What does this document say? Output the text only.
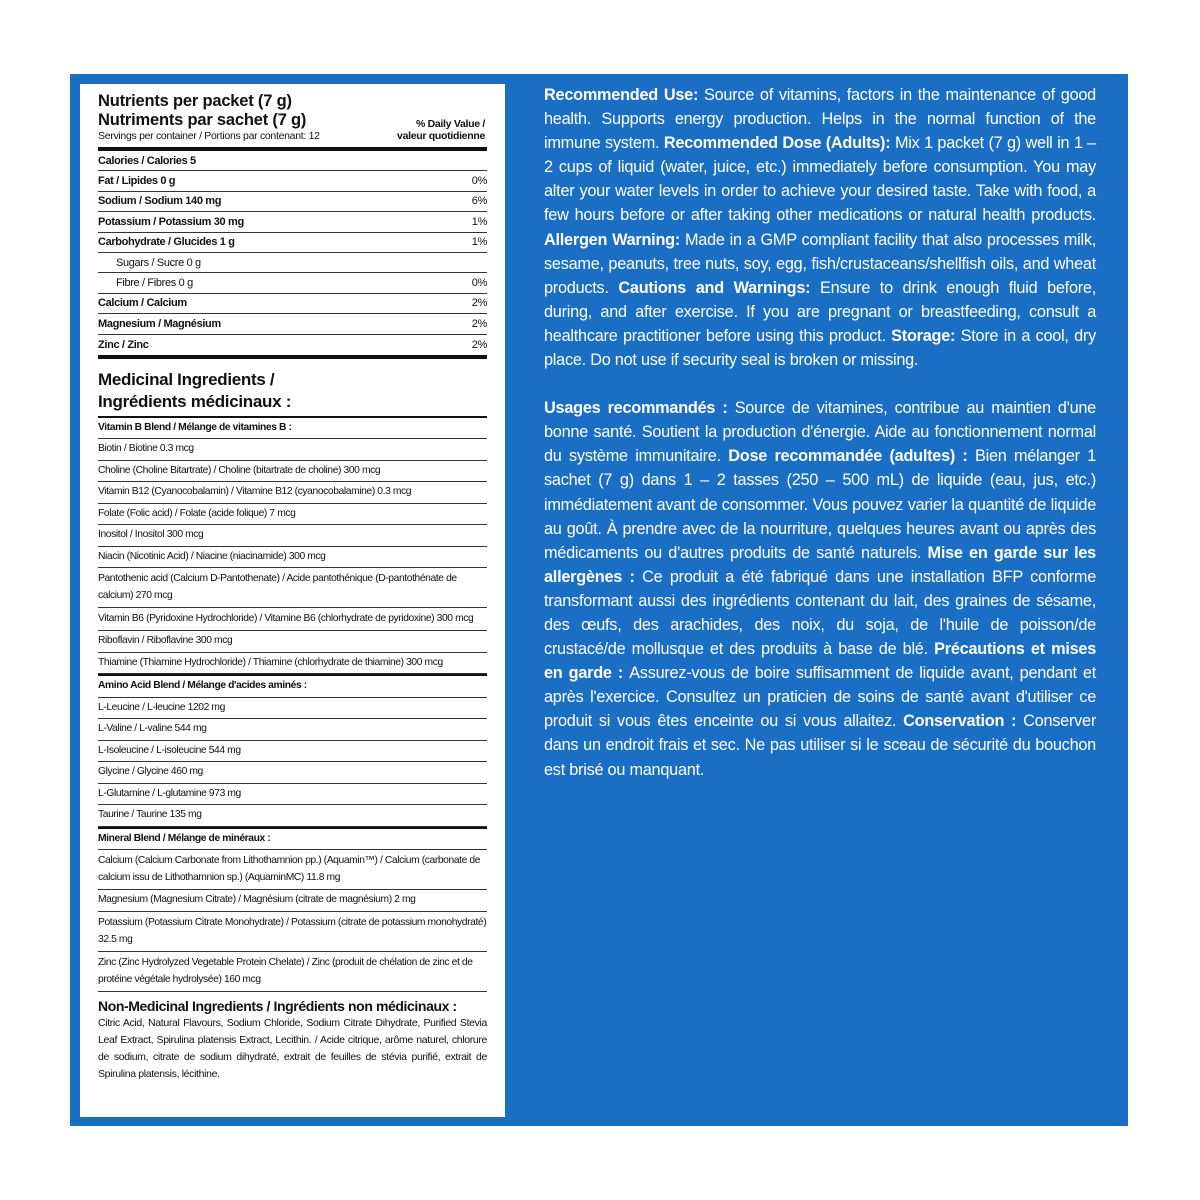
Nutrients per packet (7 g)
Nutriments par sachet (7 g)
Servings per container / Portions par contenant: 12
% Daily Value /
valeur quotidienne
Calories / Calories 5
Fat / Lipides 0 g	0%
Sodium / Sodium 140 mg	6%
Potassium / Potassium 30 mg	1%
Carbohydrate / Glucides 1 g	1%
Sugars / Sucre 0 g
Fibre / Fibres 0 g	0%
Calcium / Calcium	2%
Magnesium / Magnésium	2%
Zinc / Zinc	2%
Medicinal Ingredients /
Ingrédients médicinaux :
Vitamin B Blend / Mélange de vitamines B :
Biotin / Biotine 0.3 mcg
Choline (Choline Bitartrate) / Choline (bitartrate de choline) 300 mcg
Vitamin B12 (Cyanocobalamin) / Vitamine B12 (cyanocobalamine) 0.3 mcg
Folate (Folic acid) / Folate (acide folique) 7 mcg
Inositol / Inositol 300 mcg
Niacin (Nicotinic Acid) / Niacine (niacinamide) 300 mcg
Pantothenic acid (Calcium D-Pantothenate) / Acide pantothénique (D-pantothénate de calcium) 270 mcg
Vitamin B6 (Pyridoxine Hydrochloride) / Vitamine B6 (chlorhydrate de pyridoxine) 300 mcg
Riboflavin / Riboflavine 300 mcg
Thiamine (Thiamine Hydrochloride) / Thiamine (chlorhydrate de thiamine) 300 mcg
Amino Acid Blend / Mélange d'acides aminés :
L-Leucine / L-leucine 1202 mg
L-Valine / L-valine 544 mg
L-Isoleucine / L-isoleucine 544 mg
Glycine / Glycine 460 mg
L-Glutamine / L-glutamine 973 mg
Taurine / Taurine 135 mg
Mineral Blend / Mélange de minéraux :
Calcium (Calcium Carbonate from Lithothamnion pp.) (Aquamin™) / Calcium (carbonate de calcium issu de Lithothamnion sp.) (AquaminMC) 11.8 mg
Magnesium (Magnesium Citrate) / Magnésium (citrate de magnésium) 2 mg
Potassium (Potassium Citrate Monohydrate) / Potassium (citrate de potassium monohydraté) 32.5 mg
Zinc (Zinc Hydrolyzed Vegetable Protein Chelate) / Zinc (produit de chélation de zinc et de protéine végétale hydrolysée) 160 mcg
Non-Medicinal Ingredients / Ingrédients non médicinaux :
Citric Acid, Natural Flavours, Sodium Chloride, Sodium Citrate Dihydrate, Purified Stevia Leaf Extract, Spirulina platensis Extract, Lecithin. / Acide citrique, arôme naturel, chlorure de sodium, citrate de sodium dihydraté, extrait de feuilles de stévia purifié, extrait de Spirulina platensis, lécithine.

Recommended Use: Source of vitamins, factors in the maintenance of good health. Supports energy production. Helps in the normal function of the immune system. Recommended Dose (Adults): Mix 1 packet (7 g) well in 1 – 2 cups of liquid (water, juice, etc.) immediately before consumption. You may alter your water levels in order to achieve your desired taste. Take with food, a few hours before or after taking other medications or natural health products. Allergen Warning: Made in a GMP compliant facility that also processes milk, sesame, peanuts, tree nuts, soy, egg, fish/crustaceans/shellfish oils, and wheat products. Cautions and Warnings: Ensure to drink enough fluid before, during, and after exercise. If you are pregnant or breastfeeding, consult a healthcare practitioner before using this product. Storage: Store in a cool, dry place. Do not use if security seal is broken or missing.

Usages recommandés : Source de vitamines, contribue au maintien d'une bonne santé. Soutient la production d'énergie. Aide au fonctionnement normal du système immunitaire. Dose recommandée (adultes) : Bien mélanger 1 sachet (7 g) dans 1 – 2 tasses (250 – 500 mL) de liquide (eau, jus, etc.) immédiatement avant de consommer. Vous pouvez varier la quantité de liquide au goût. À prendre avec de la nourriture, quelques heures avant ou après des médicaments ou d'autres produits de santé naturels. Mise en garde sur les allergènes : Ce produit a été fabriqué dans une installation BFP conforme transformant aussi des ingrédients contenant du lait, des graines de sésame, des œufs, des arachides, des noix, du soja, de l'huile de poisson/de crustacé/de mollusque et des produits à base de blé. Précautions et mises en garde : Assurez-vous de boire suffisamment de liquide avant, pendant et après l'exercice. Consultez un praticien de soins de santé avant d'utiliser ce produit si vous êtes enceinte ou si vous allaitez. Conservation : Conserver dans un endroit frais et sec. Ne pas utiliser si le sceau de sécurité du bouchon est brisé ou manquant.
